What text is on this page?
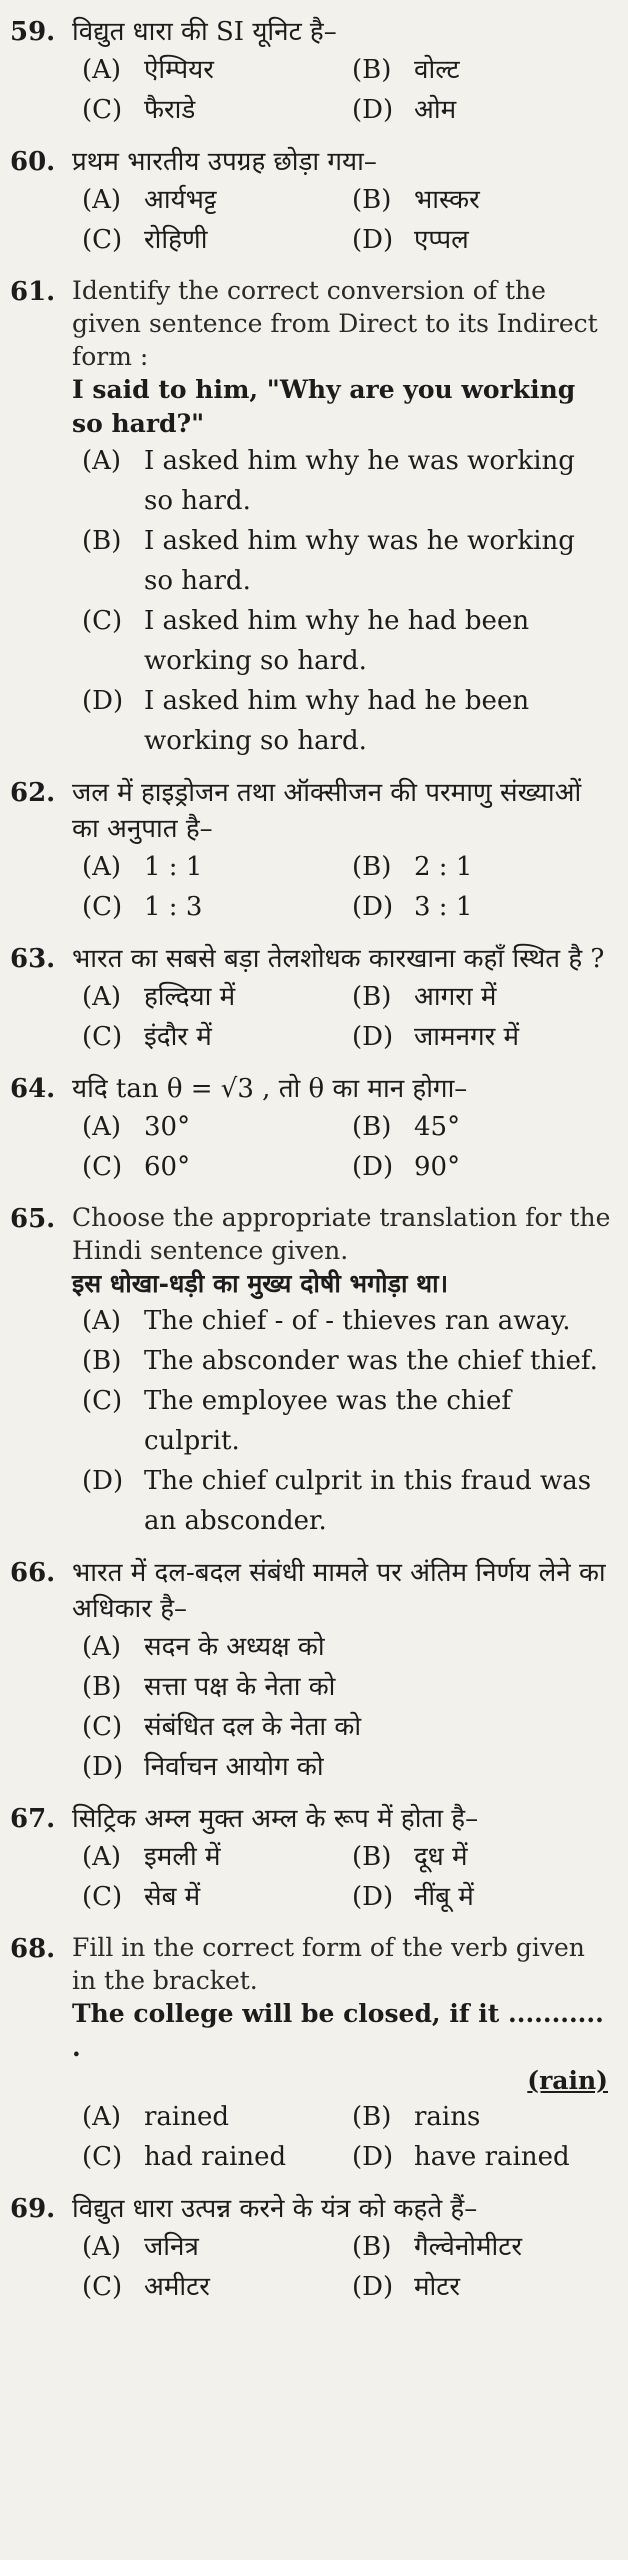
59. विद्युत धारा की SI यूनिट है–
(A) ऐम्पियर	(B) वोल्ट
(C) फैराडे	(D) ओम
60. प्रथम भारतीय उपग्रह छोड़ा गया–
(A) आर्यभट्ट	(B) भास्कर
(C) रोहिणी	(D) एप्पल
61. Identify the correct conversion of the given sentence from Direct to its Indirect form :
I said to him, "Why are you working so hard?"
(A) I asked him why he was working so hard.
(B) I asked him why was he working so hard.
(C) I asked him why he had been working so hard.
(D) I asked him why had he been working so hard.
62. जल में हाइड्रोजन तथा ऑक्सीजन की परमाणु संख्याओं का अनुपात है–
(A) 1 : 1	(B) 2 : 1
(C) 1 : 3	(D) 3 : 1
63. भारत का सबसे बड़ा तेलशोधक कारखाना कहाँ स्थित है ?
(A) हल्दिया में	(B) आगरा में
(C) इंदौर में	(D) जामनगर में
64. यदि tan θ = √3 , तो θ का मान होगा–
(A) 30°	(B) 45°
(C) 60°	(D) 90°
65. Choose the appropriate translation for the Hindi sentence given.
इस धोखा-धड़ी का मुख्य दोषी भगोड़ा था।
(A) The chief - of - thieves ran away.
(B) The absconder was the chief thief.
(C) The employee was the chief culprit.
(D) The chief culprit in this fraud was an absconder.
66. भारत में दल-बदल संबंधी मामले पर अंतिम निर्णय लेने का अधिकार है–
(A) सदन के अध्यक्ष को
(B) सत्ता पक्ष के नेता को
(C) संबंधित दल के नेता को
(D) निर्वाचन आयोग को
67. सिट्रिक अम्ल मुक्त अम्ल के रूप में होता है–
(A) इमली में	(B) दूध में
(C) सेब में	(D) नींबू में
68. Fill in the correct form of the verb given in the bracket.
The college will be closed, if it ........... .
(rain)
(A) rained	(B) rains
(C) had rained	(D) have rained
69. विद्युत धारा उत्पन्न करने के यंत्र को कहते हैं–
(A) जनित्र	(B) गैल्वेनोमीटर
(C) अमीटर	(D) मोटर
